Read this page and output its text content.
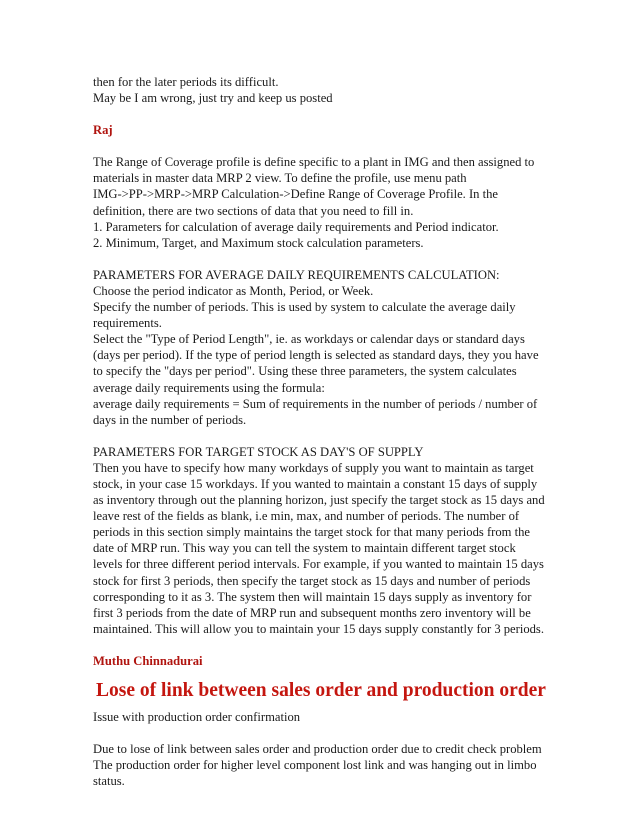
then for the later periods its difficult.
May be I am wrong, just try and keep us posted
Raj
The Range of Coverage profile is define specific to a plant in IMG and then assigned to
materials in master data MRP 2 view. To define the profile, use menu path
IMG->PP->MRP->MRP Calculation->Define Range of Coverage Profile. In the
definition, there are two sections of data that you need to fill in.
1. Parameters for calculation of average daily requirements and Period indicator.
2. Minimum, Target, and Maximum stock calculation parameters.
PARAMETERS FOR AVERAGE DAILY REQUIREMENTS CALCULATION:
Choose the period indicator as Month, Period, or Week.
Specify the number of periods. This is used by system to calculate the average daily
requirements.
Select the "Type of Period Length", ie. as workdays or calendar days or standard days
(days per period). If the type of period length is selected as standard days, they you have
to specify the "days per period". Using these three parameters, the system calculates
average daily requirements using the formula:
average daily requirements = Sum of requirements in the number of periods / number of
days in the number of periods.
PARAMETERS FOR TARGET STOCK AS DAY'S OF SUPPLY
Then you have to specify how many workdays of supply you want to maintain as target
stock, in your case 15 workdays. If you wanted to maintain a constant 15 days of supply
as inventory through out the planning horizon, just specify the target stock as 15 days and
leave rest of the fields as blank, i.e min, max, and number of periods. The number of
periods in this section simply maintains the target stock for that many periods from the
date of MRP run. This way you can tell the system to maintain different target stock
levels for three different period intervals. For example, if you wanted to maintain 15 days
stock for first 3 periods, then specify the target stock as 15 days and number of periods
corresponding to it as 3. The system then will maintain 15 days supply as inventory for
first 3 periods from the date of MRP run and subsequent months zero inventory will be
maintained. This will allow you to maintain your 15 days supply constantly for 3 periods.
Muthu Chinnadurai
Lose of link between sales order and production order
Issue with production order confirmation
Due to lose of link between sales order and production order due to credit check problem
The production order for higher level component lost link and was hanging out in limbo
status.
